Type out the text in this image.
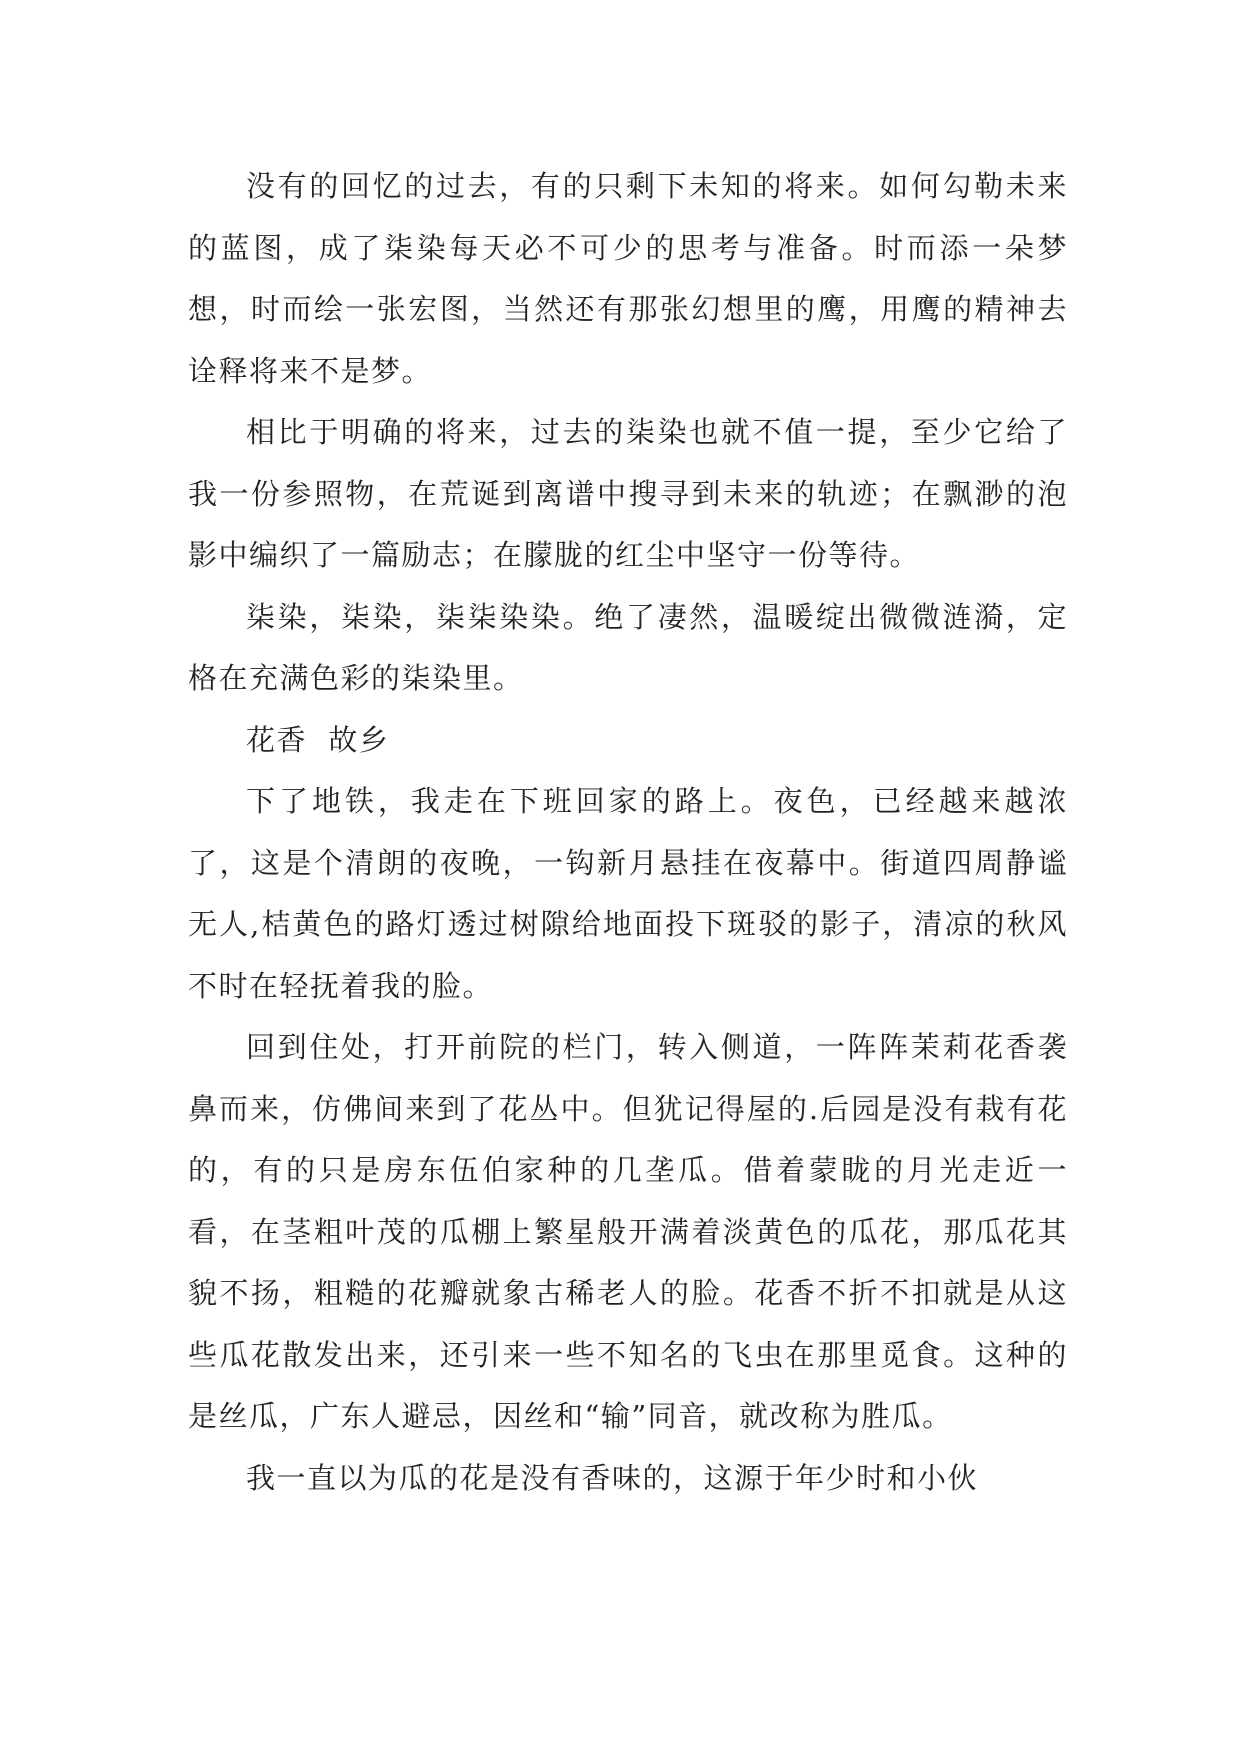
没有的回忆的过去，有的只剩下未知的将来。如何勾勒未来的蓝图，成了柒染每天必不可少的思考与准备。时而添一朵梦想，时而绘一张宏图，当然还有那张幻想里的鹰，用鹰的精神去诠释将来不是梦。

相比于明确的将来，过去的柒染也就不值一提，至少它给了我一份参照物，在荒诞到离谱中搜寻到未来的轨迹；在飘渺的泡影中编织了一篇励志；在朦胧的红尘中坚守一份等待。

柒染，柒染，柒柒染染。绝了凄然，温暖绽出微微涟漪，定格在充满色彩的柒染里。

花香  故乡

下了地铁，我走在下班回家的路上。夜色，已经越来越浓了，这是个清朗的夜晚，一钩新月悬挂在夜幕中。街道四周静谧无人,桔黄色的路灯透过树隙给地面投下斑驳的影子，清凉的秋风不时在轻抚着我的脸。

回到住处，打开前院的栏门，转入侧道，一阵阵茉莉花香袭鼻而来，仿佛间来到了花丛中。但犹记得屋的.后园是没有栽有花的，有的只是房东伍伯家种的几垄瓜。借着蒙眬的月光走近一看，在茎粗叶茂的瓜棚上繁星般开满着淡黄色的瓜花，那瓜花其貌不扬，粗糙的花瓣就象古稀老人的脸。花香不折不扣就是从这些瓜花散发出来，还引来一些不知名的飞虫在那里觅食。这种的是丝瓜，广东人避忌，因丝和“输”同音，就改称为胜瓜。

我一直以为瓜的花是没有香味的，这源于年少时和小伙
